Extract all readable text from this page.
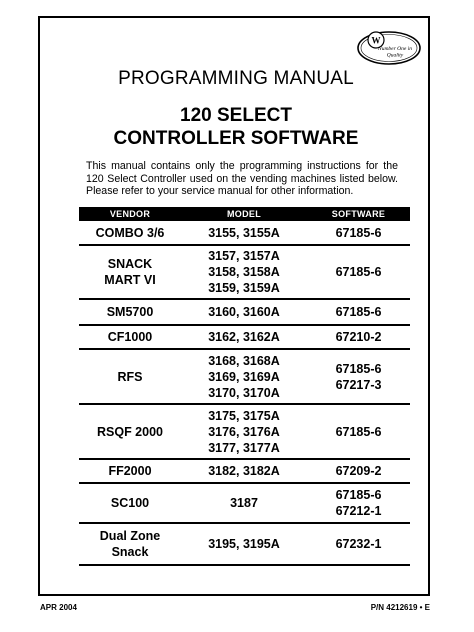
W
Number One in
Quality
PROGRAMMING MANUAL
120 SELECT
CONTROLLER SOFTWARE
This manual contains only the programming instructions for the
120 Select Controller used on the vending machines listed below.
Please refer to your service manual for other information.
VENDOR	MODEL	SOFTWARE

COMBO 3/6	3155, 3155A	67185-6

SNACK
MART VI	3157, 3157A
3158, 3158A
3159, 3159A	67185-6

SM5700	3160, 3160A	67185-6

CF1000	3162, 3162A	67210-2

RFS	3168, 3168A
3169, 3169A
3170, 3170A	67185-6
67217-3

RSQF 2000	3175, 3175A
3176, 3176A
3177, 3177A	67185-6

FF2000	3182, 3182A	67209-2

SC100	3187	67185-6
67212-1

Dual Zone
Snack	3195, 3195A	67232-1
APR 2004	P/N 4212619 • E
